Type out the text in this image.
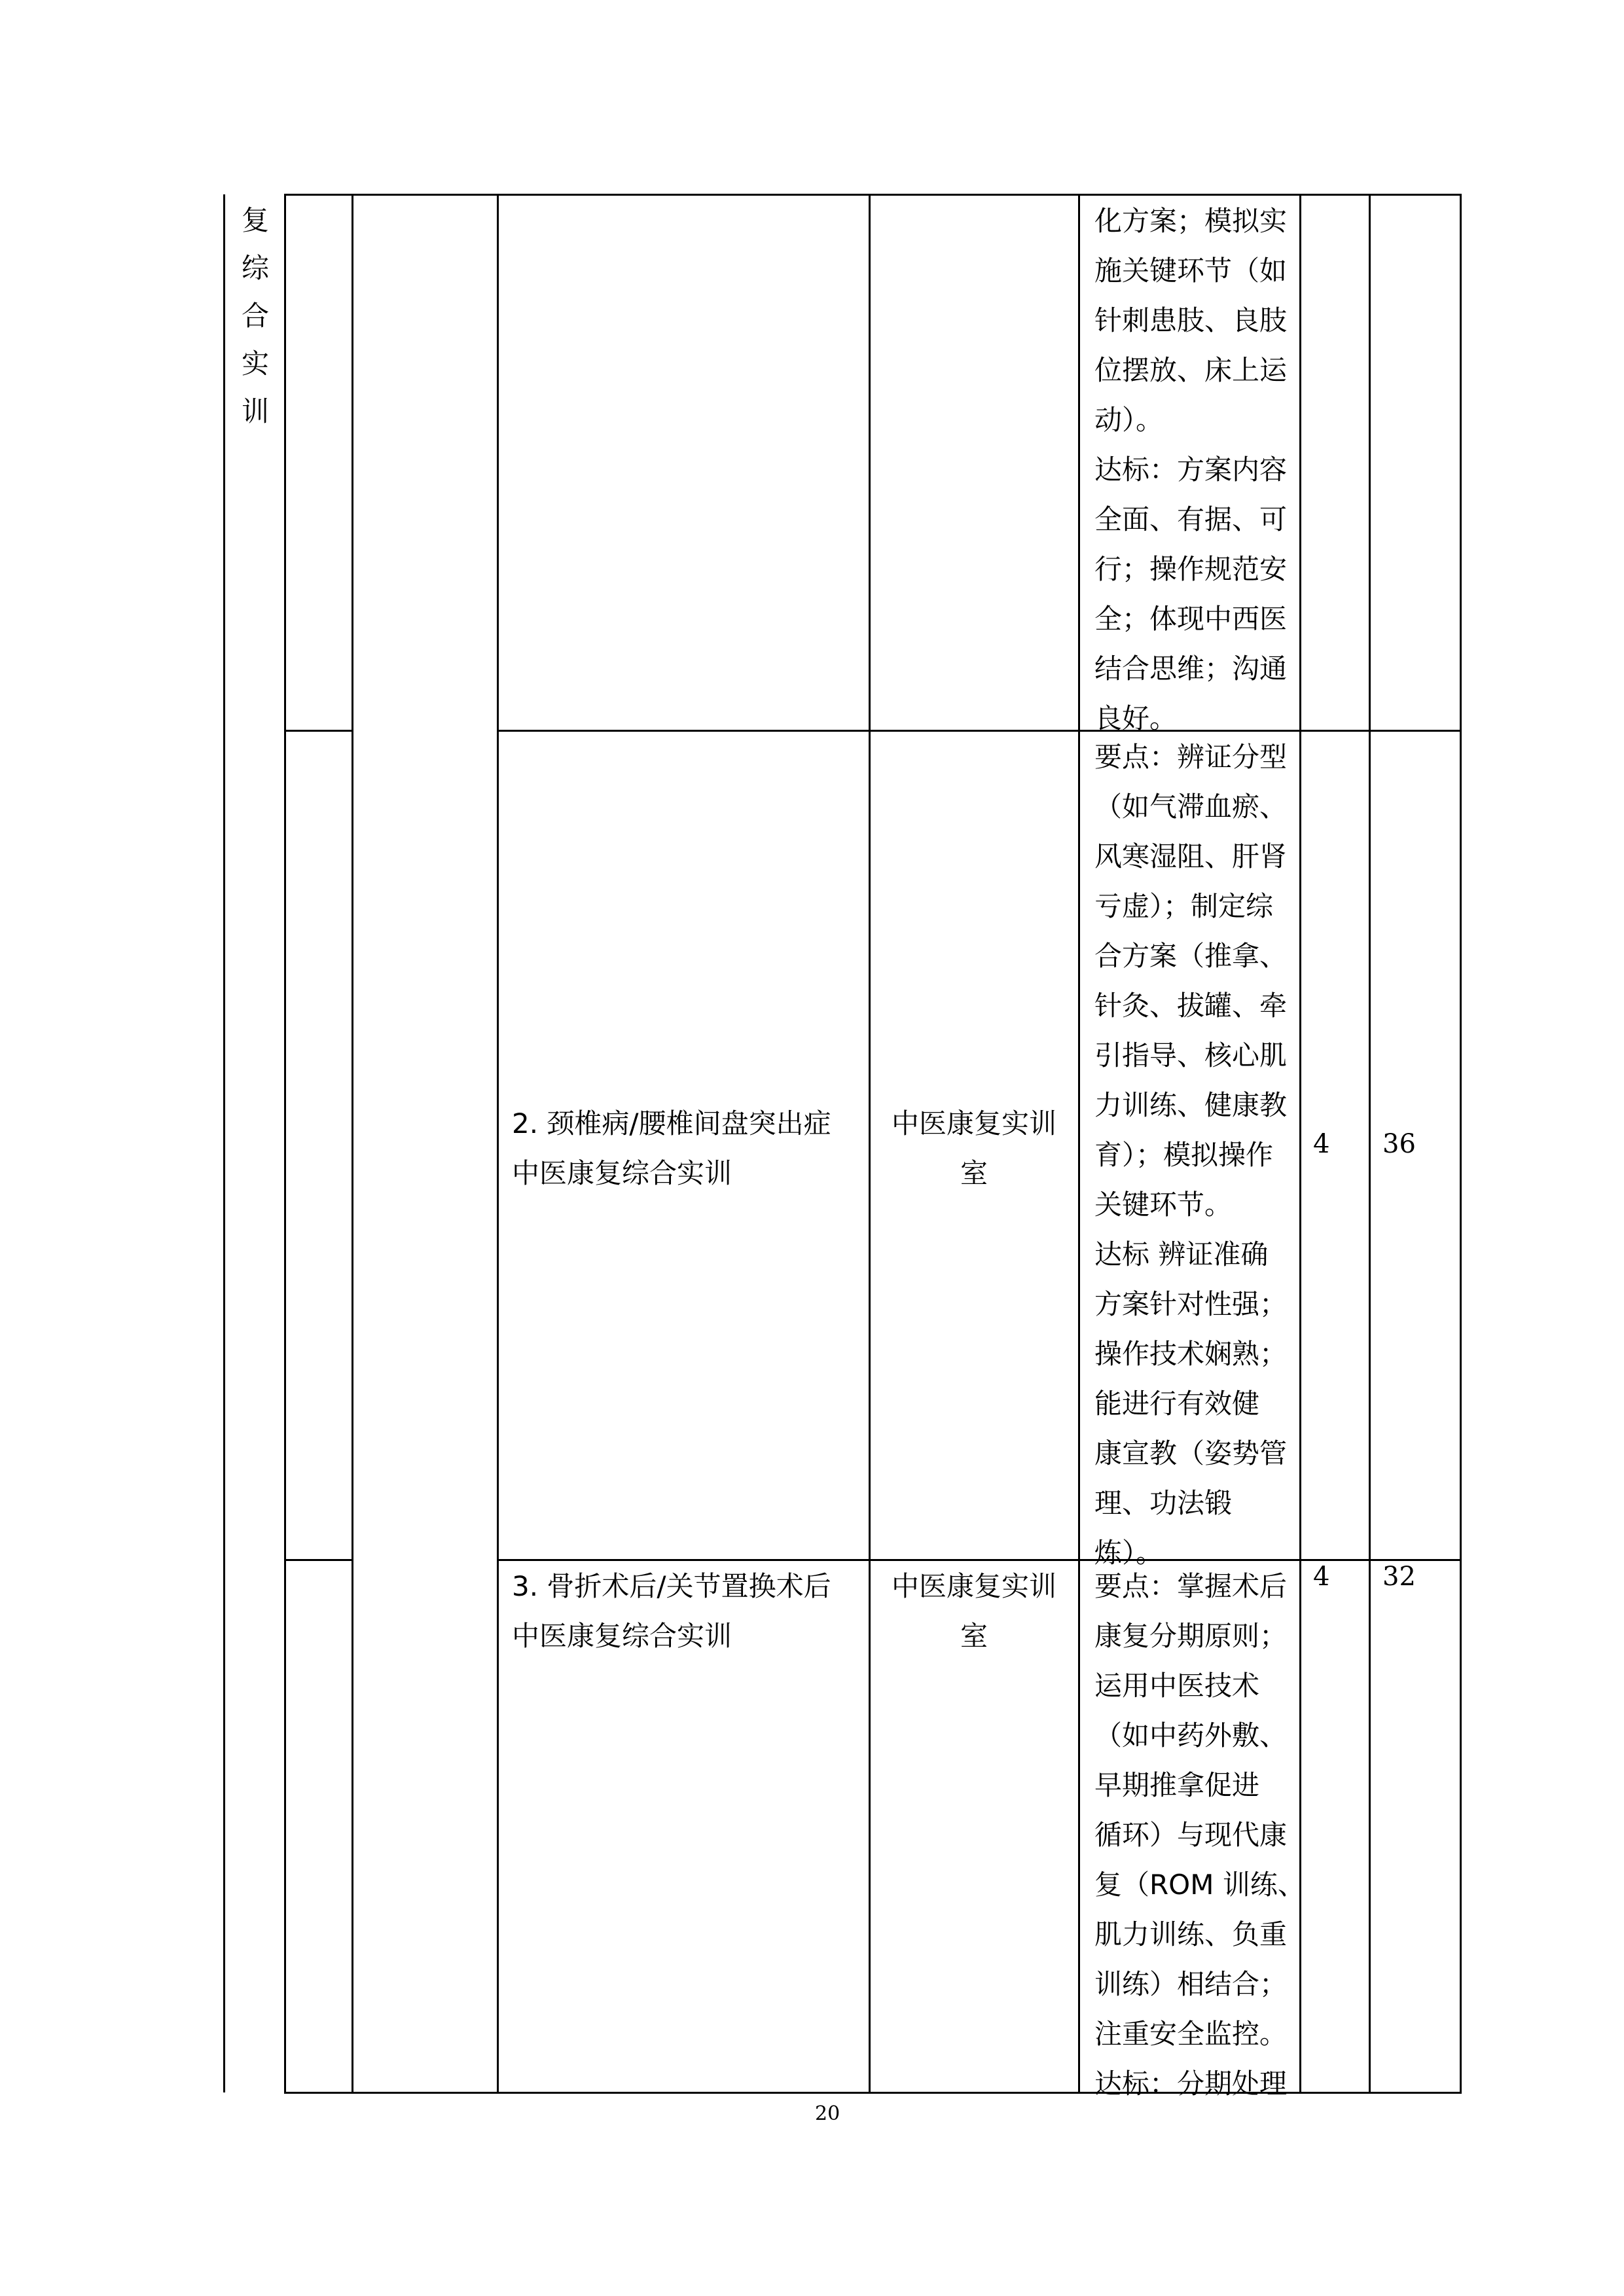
复
综
合
实
训
化方案；模拟实
施关键环节（如
针刺患肢、良肢
位摆放、床上运
动）。
达标：方案内容
全面、有据、可
行；操作规范安
全；体现中西医
结合思维；沟通
良好。
2. 颈椎病/腰椎间盘突出症
中医康复综合实训
中医康复实训
室
要点：辨证分型
（如气滞血瘀、
风寒湿阻、肝肾
亏虚）；制定综
合方案（推拿、
针灸、拔罐、牵
引指导、核心肌
力训练、健康教
育）；模拟操作
关键环节。
达标 辨证准确
方案针对性强；
操作技术娴熟；
能进行有效健
康宣教（姿势管
理、功法锻
炼）。
4 36
3. 骨折术后/关节置换术后
中医康复综合实训
中医康复实训
室
要点：掌握术后
康复分期原则；
运用中医技术
（如中药外敷、
早期推拿促进
循环）与现代康
复（ROM 训练、
肌力训练、负重
训练）相结合；
注重安全监控。
达标：分期处理
4 32
20
